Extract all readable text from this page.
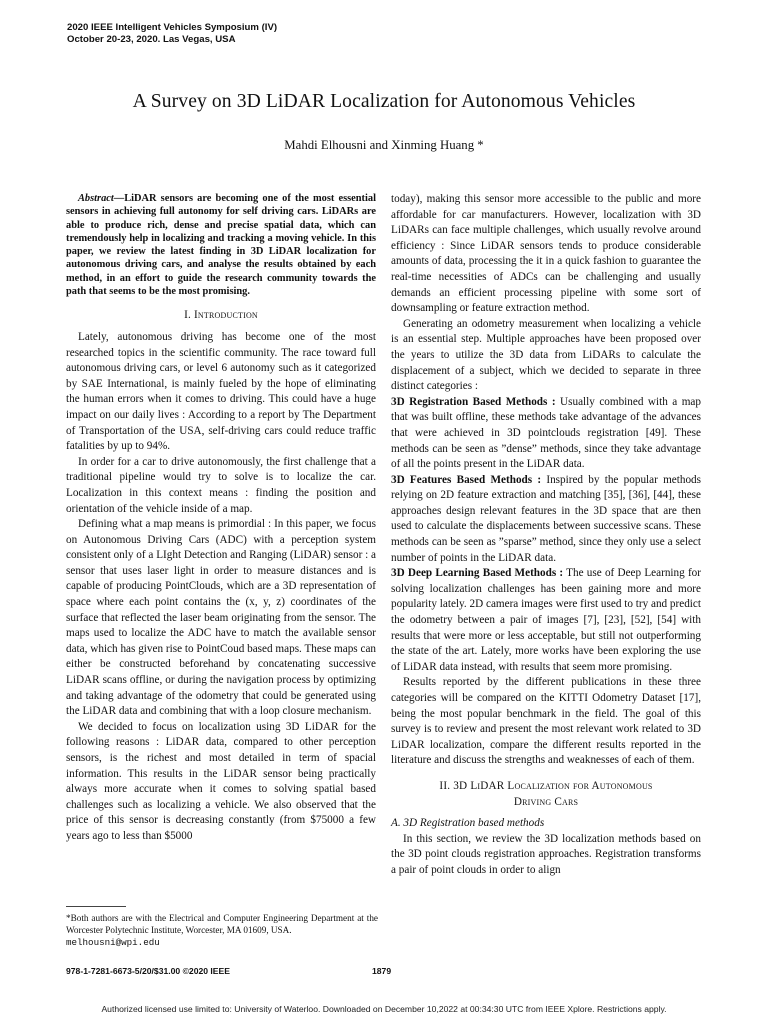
2020 IEEE Intelligent Vehicles Symposium (IV)
October 20-23, 2020. Las Vegas, USA
A Survey on 3D LiDAR Localization for Autonomous Vehicles
Mahdi Elhousni and Xinming Huang *

Abstract—LiDAR sensors are becoming one of the most essential sensors in achieving full autonomy for self driving cars. LiDARs are able to produce rich, dense and precise spatial data, which can tremendously help in localizing and tracking a moving vehicle. In this paper, we review the latest finding in 3D LiDAR localization for autonomous driving cars, and analyse the results obtained by each method, in an effort to guide the research community towards the path that seems to be the most promising.

I. Introduction

Lately, autonomous driving has become one of the most researched topics in the scientific community. The race toward full autonomous driving cars, or level 6 autonomy such as it categorized by SAE International, is mainly fueled by the hope of eliminating the human errors when it comes to driving. This could have a huge impact on our daily lives : According to a report by The Department of Transportation of the USA, self-driving cars could reduce traffic fatalities by up to 94%.

In order for a car to drive autonomously, the first challenge that a traditional pipeline would try to solve is to localize the car. Localization in this context means : finding the position and orientation of the vehicle inside of a map.

Defining what a map means is primordial : In this paper, we focus on Autonomous Driving Cars (ADC) with a perception system consistent only of a LIght Detection and Ranging (LiDAR) sensor : a sensor that uses laser light in order to measure distances and is capable of producing PointClouds, which are a 3D representation of space where each point contains the (x, y, z) coordinates of the surface that reflected the laser beam originating from the sensor. The maps used to localize the ADC have to match the available sensor data, which has given rise to PointCoud based maps. These maps can either be constructed beforehand by concatenating successive LiDAR scans offline, or during the navigation process by optimizing and taking advantage of the odometry that could be generated using the LiDAR data and combining that with a loop closure mechanism.

We decided to focus on localization using 3D LiDAR for the following reasons : LiDAR data, compared to other perception sensors, is the richest and most detailed in term of spacial information. This results in the LiDAR sensor being practically always more accurate when it comes to solving spatial based challenges such as localizing a vehicle. We also observed that the price of this sensor is decreasing constantly (from $75000 a few years ago to less than $5000

today), making this sensor more accessible to the public and more affordable for car manufacturers. However, localization with 3D LiDARs can face multiple challenges, which usually revolve around efficiency : Since LiDAR sensors tends to produce considerable amounts of data, processing the it in a quick fashion to guarantee the real-time necessities of ADCs can be challenging and usually demands an efficient processing pipeline with some sort of downsampling or feature extraction method.

Generating an odometry measurement when localizing a vehicle is an essential step. Multiple approaches have been proposed over the years to utilize the 3D data from LiDARs to calculate the displacement of a subject, which we decided to separate in three distinct categories :

3D Registration Based Methods : Usually combined with a map that was built offline, these methods take advantage of the advances that were achieved in 3D pointclouds registration [49]. These methods can be seen as ”dense” methods, since they take advantage of all the points present in the LiDAR data.

3D Features Based Methods : Inspired by the popular methods relying on 2D feature extraction and matching [35], [36], [44], these approaches design relevant features in the 3D space that are then used to calculate the displacements between successive scans. These methods can be seen as ”sparse” method, since they only use a select number of points in the LiDAR data.

3D Deep Learning Based Methods : The use of Deep Learning for solving localization challenges has been gaining more and more popularity lately. 2D camera images were first used to try and predict the odometry between a pair of images [7], [23], [52], [54] with results that were more or less acceptable, but still not outperforming the state of the art. Lately, more works have been exploring the use of LiDAR data instead, with results that seem more promising.

Results reported by the different publications in these three categories will be compared on the KITTI Odometry Dataset [17], being the most popular benchmark in the field. The goal of this survey is to review and present the most relevant work related to 3D LiDAR localization, compare the different results reported in the literature and discuss the strengths and weaknesses of each of them.

II. 3D LiDAR Localization for Autonomous
Driving Cars

A. 3D Registration based methods

In this section, we review the 3D localization methods based on the 3D point clouds registration approaches. Registration transforms a pair of point clouds in order to align

*Both authors are with the Electrical and Computer Engineering Department at the Worcester Polytechnic Institute, Worcester, MA 01609, USA.
melhousni@wpi.edu
978-1-7281-6673-5/20/$31.00 ©2020 IEEE	1879
Authorized licensed use limited to: University of Waterloo. Downloaded on December 10,2022 at 00:34:30 UTC from IEEE Xplore. Restrictions apply.
